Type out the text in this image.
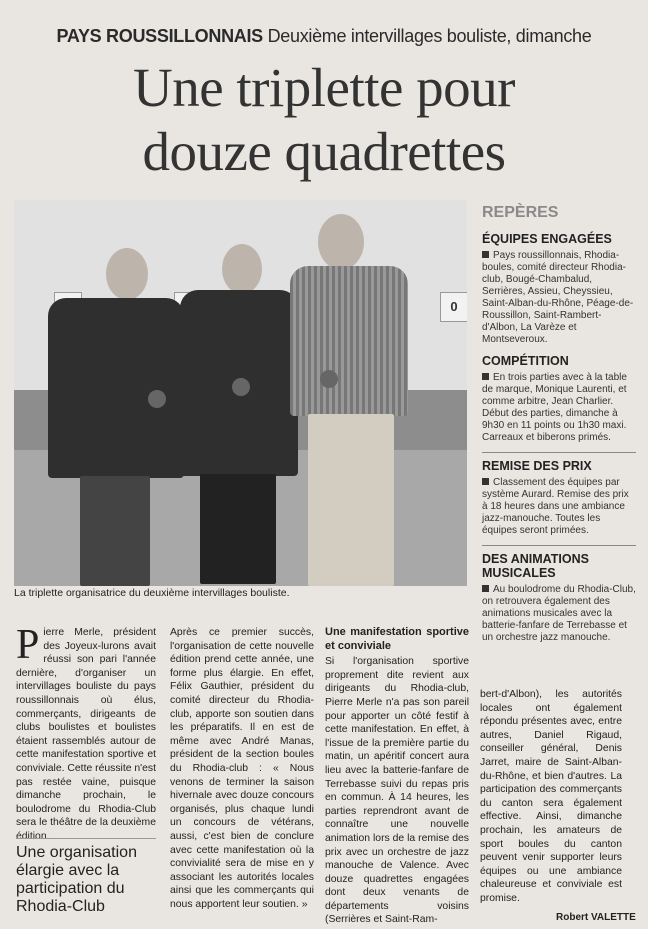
PAYS ROUSSILLONNAIS Deuxième intervillages bouliste, dimanche
Une triplette pour
douze quadrettes
0
La triplette organisatrice du deuxième intervillages bouliste.
REPÈRES
ÉQUIPES ENGAGÉES
Pays roussillonnais, Rhodia-boules, comité directeur Rhodia-club, Bougé-Chambalud, Serrières, Assieu, Cheyssieu, Saint-Alban-du-Rhône, Péage-de-Roussillon, Saint-Rambert-d'Albon, La Varèze et Montseveroux.
COMPÉTITION
En trois parties avec à la table de marque, Monique Laurenti, et comme arbitre, Jean Charlier. Début des parties, dimanche à 9h30 en 11 points ou 1h30 maxi. Carreaux et biberons primés.
REMISE DES PRIX
Classement des équipes par système Aurard. Remise des prix à 18 heures dans une ambiance jazz-manouche. Toutes les équipes seront primées.
DES ANIMATIONS MUSICALES
Au boulodrome du Rhodia-Club, on retrouvera également des animations musicales avec la batterie-fanfare de Terrebasse et un orchestre jazz manouche.
Pierre Merle, président des Joyeux-lurons avait réussi son pari l'année dernière, d'organiser un intervillages bouliste du pays roussillonnais où élus, commerçants, dirigeants de clubs boulistes et boulistes étaient rassemblés autour de cette manifestation sportive et conviviale. Cette réussite n'est pas restée vaine, puisque dimanche prochain, le boulodrome du Rhodia-Club sera le théâtre de la deuxième édition.
Une organisation élargie avec la participation du Rhodia-Club
Après ce premier succès, l'organisation de cette nouvelle édition prend cette année, une forme plus élargie. En effet, Félix Gauthier, président du comité directeur du Rhodia-club, apporte son soutien dans les préparatifs. Il en est de même avec André Manas, président de la section boules du Rhodia-club : « Nous venons de terminer la saison hivernale avec douze concours organisés, plus chaque lundi un concours de vétérans, aussi, c'est bien de conclure avec cette manifestation où la convivialité sera de mise en y associant les autorités locales ainsi que les commerçants qui nous apportent leur soutien. »
Une manifestation sportive et conviviale
Si l'organisation sportive proprement dite revient aux dirigeants du Rhodia-club, Pierre Merle n'a pas son pareil pour apporter un côté festif à cette manifestation. En effet, à l'issue de la première partie du matin, un apéritif concert aura lieu avec la batterie-fanfare de Terrebasse suivi du repas pris en commun. À 14 heures, les parties reprendront avant de connaître une nouvelle animation lors de la remise des prix avec un orchestre de jazz manouche de Valence. Avec douze quadrettes engagées dont deux venants de départements voisins (Serrières et Saint-Ram-
bert-d'Albon), les autorités locales ont également répondu présentes avec, entre autres, Daniel Rigaud, conseiller général, Denis Jarret, maire de Saint-Alban-du-Rhône, et bien d'autres. La participation des commerçants du canton sera également effective. Ainsi, dimanche prochain, les amateurs de sport boules du canton peuvent venir supporter leurs équipes ou une ambiance chaleureuse et conviviale est promise.
Robert VALETTE
